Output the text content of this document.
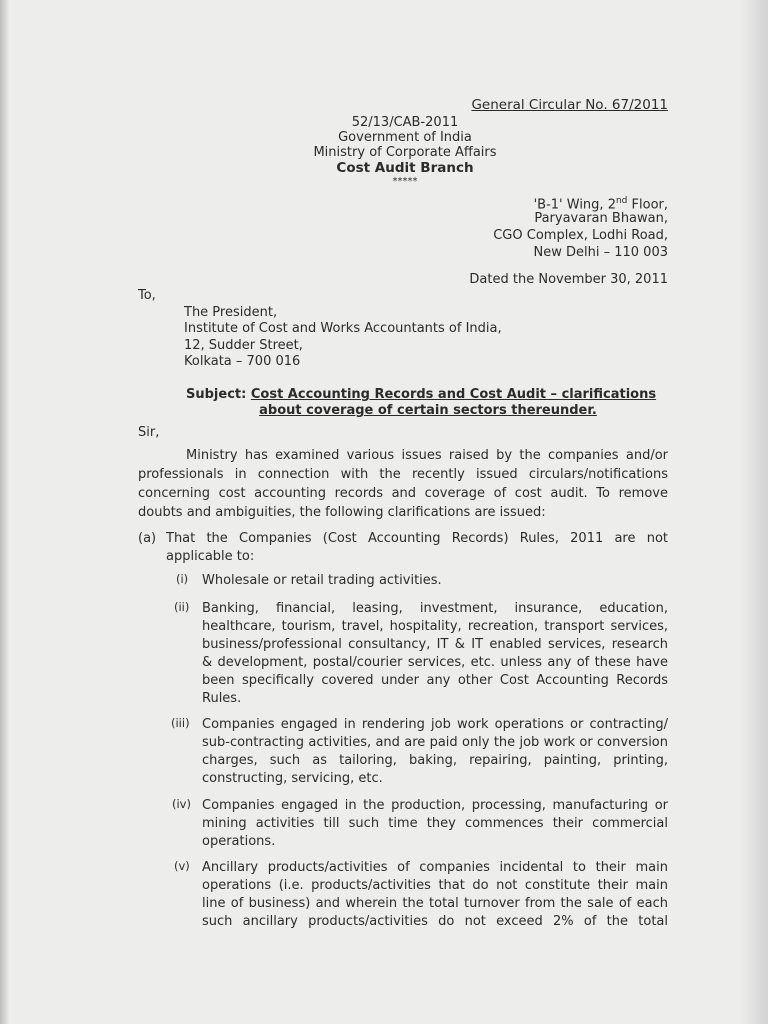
General Circular No. 67/2011
52/13/CAB-2011
Government of India
Ministry of Corporate Affairs
Cost Audit Branch
*****
'B-1' Wing, 2nd Floor,
Paryavaran Bhawan,
CGO Complex, Lodhi Road,
New Delhi – 110 003
Dated the November 30, 2011
To,
The President,
Institute of Cost and Works Accountants of India,
12, Sudder Street,
Kolkata – 700 016
Subject: Cost Accounting Records and Cost Audit – clarifications
about coverage of certain sectors thereunder.
Sir,
Ministry has examined various issues raised by the companies and/or
professionals in connection with the recently issued circulars/notifications
concerning cost accounting records and coverage of cost audit. To remove
doubts and ambiguities, the following clarifications are issued:
(a) That the Companies (Cost Accounting Records) Rules, 2011 are not
applicable to:
(i) Wholesale or retail trading activities.
(ii) Banking, financial, leasing, investment, insurance, education,
healthcare, tourism, travel, hospitality, recreation, transport services,
business/professional consultancy, IT & IT enabled services, research
& development, postal/courier services, etc. unless any of these have
been specifically covered under any other Cost Accounting Records
Rules.
(iii) Companies engaged in rendering job work operations or contracting/
sub-contracting activities, and are paid only the job work or conversion
charges, such as tailoring, baking, repairing, painting, printing,
constructing, servicing, etc.
(iv) Companies engaged in the production, processing, manufacturing or
mining activities till such time they commences their commercial
operations.
(v) Ancillary products/activities of companies incidental to their main
operations (i.e. products/activities that do not constitute their main
line of business) and wherein the total turnover from the sale of each
such ancillary products/activities do not exceed 2% of the total
